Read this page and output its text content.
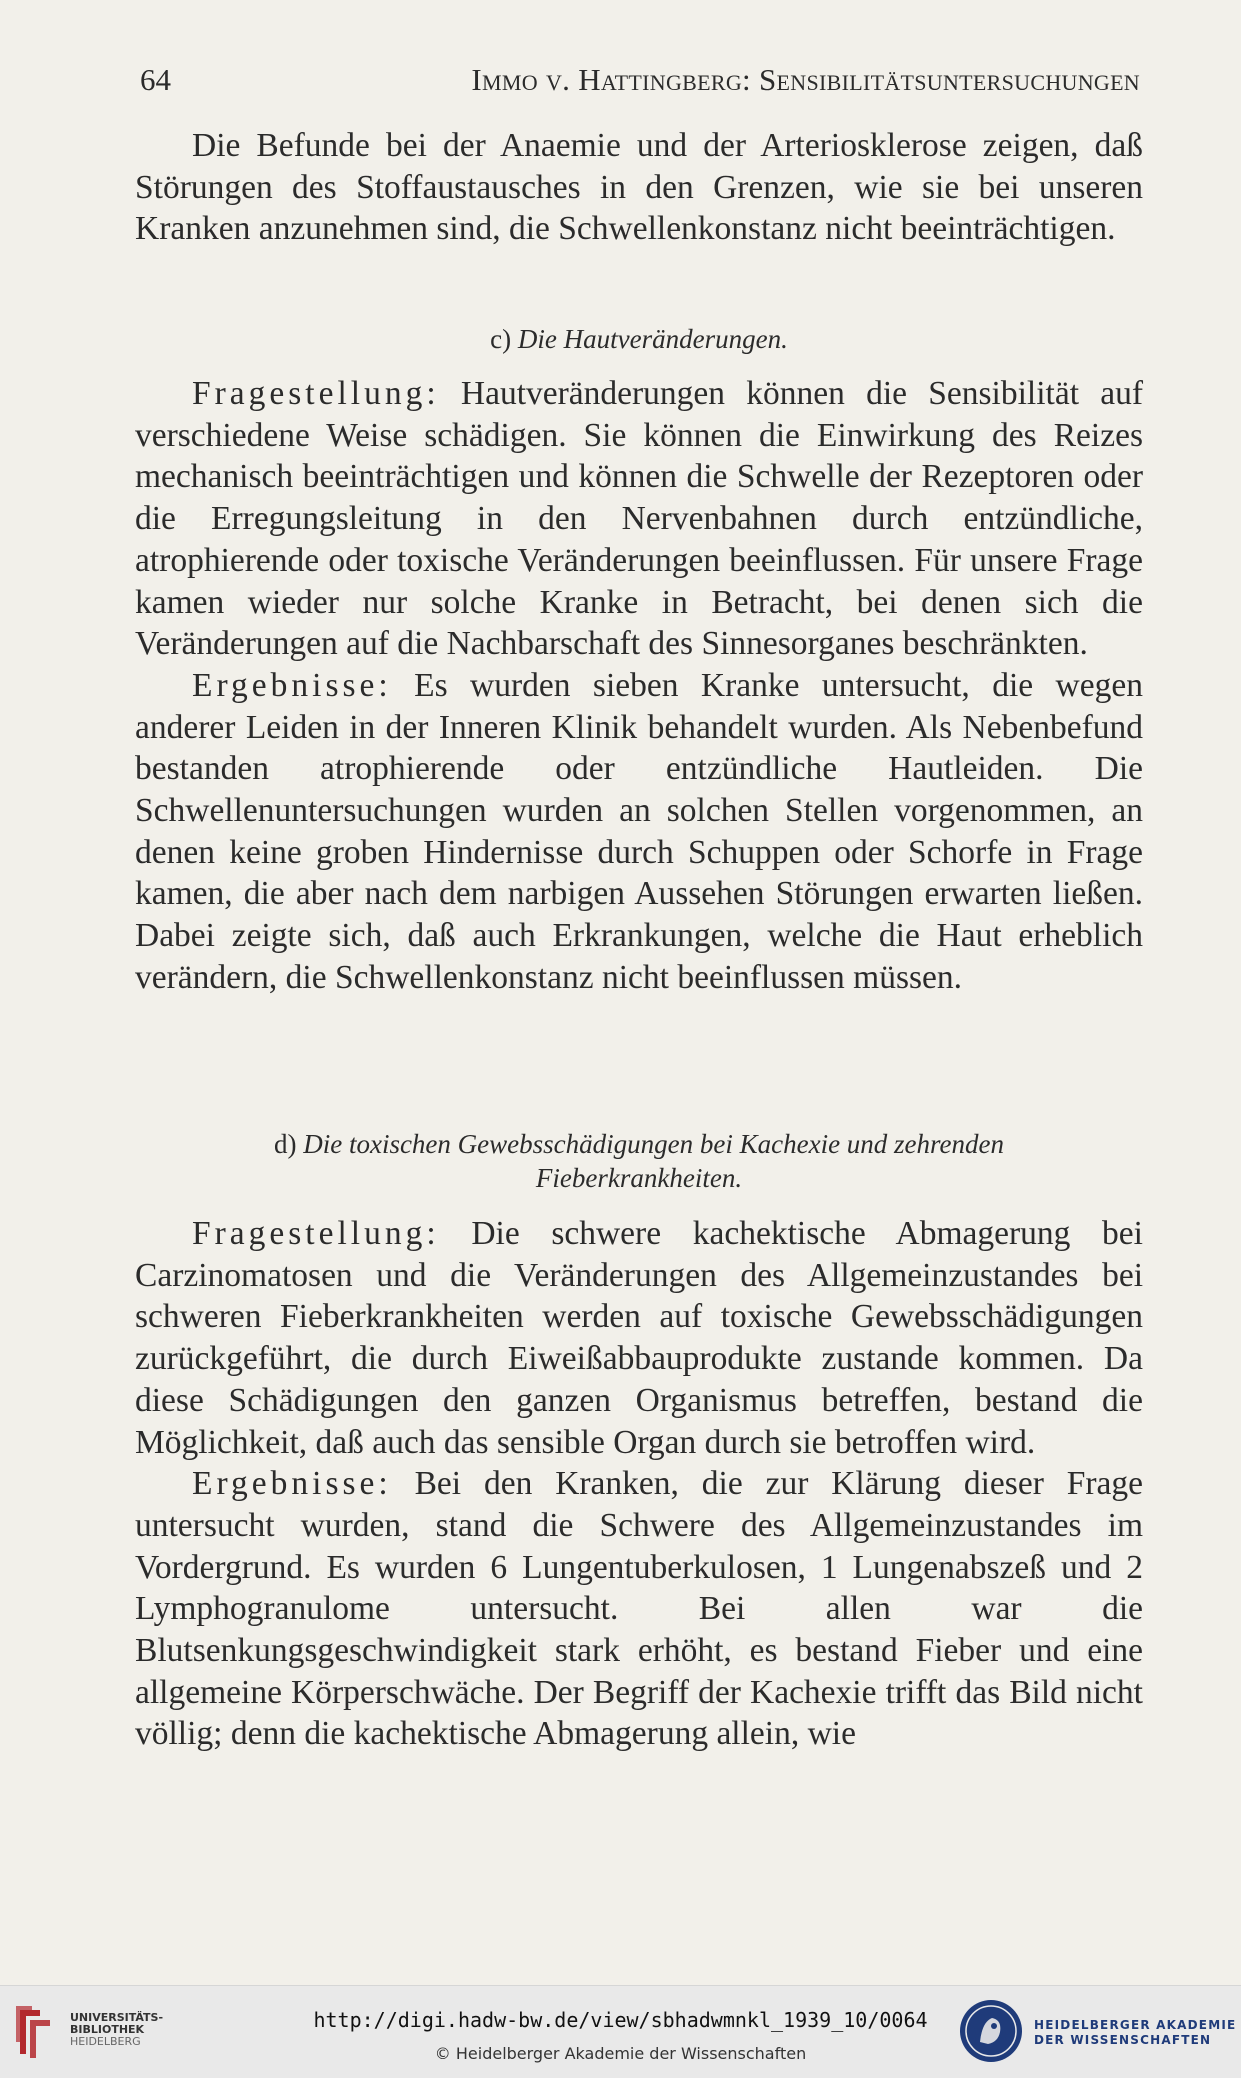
64	Immo v. Hattingberg: Sensibilitätsuntersuchungen

Die Befunde bei der Anaemie und der Arteriosklerose zeigen, daß Störungen des Stoffaustausches in den Grenzen, wie sie bei unseren Kranken anzunehmen sind, die Schwellenkonstanz nicht beeinträchtigen.

c) Die Hautveränderungen.

Fragestellung: Hautveränderungen können die Sensibilität auf verschiedene Weise schädigen. Sie können die Einwirkung des Reizes mechanisch beeinträchtigen und können die Schwelle der Rezeptoren oder die Erregungsleitung in den Nervenbahnen durch entzündliche, atrophierende oder toxische Veränderungen beeinflussen. Für unsere Frage kamen wieder nur solche Kranke in Betracht, bei denen sich die Veränderungen auf die Nachbarschaft des Sinnesorganes beschränkten.

Ergebnisse: Es wurden sieben Kranke untersucht, die wegen anderer Leiden in der Inneren Klinik behandelt wurden. Als Nebenbefund bestanden atrophierende oder entzündliche Hautleiden. Die Schwellenuntersuchungen wurden an solchen Stellen vorgenommen, an denen keine groben Hindernisse durch Schuppen oder Schorfe in Frage kamen, die aber nach dem narbigen Aussehen Störungen erwarten ließen. Dabei zeigte sich, daß auch Erkrankungen, welche die Haut erheblich verändern, die Schwellenkonstanz nicht beeinflussen müssen.

d) Die toxischen Gewebsschädigungen bei Kachexie und zehrenden
Fieberkrankheiten.

Fragestellung: Die schwere kachektische Abmagerung bei Carzinomatosen und die Veränderungen des Allgemeinzustandes bei schweren Fieberkrankheiten werden auf toxische Gewebsschädigungen zurückgeführt, die durch Eiweißabbauprodukte zustande kommen. Da diese Schädigungen den ganzen Organismus betreffen, bestand die Möglichkeit, daß auch das sensible Organ durch sie betroffen wird.

Ergebnisse: Bei den Kranken, die zur Klärung dieser Frage untersucht wurden, stand die Schwere des Allgemeinzustandes im Vordergrund. Es wurden 6 Lungentuberkulosen, 1 Lungenabszeß und 2 Lymphogranulome untersucht. Bei allen war die Blutsenkungsgeschwindigkeit stark erhöht, es bestand Fieber und eine allgemeine Körperschwäche. Der Begriff der Kachexie trifft das Bild nicht völlig; denn die kachektische Abmagerung allein, wie

UNIVERSITÄTS-
BIBLIOTHEK
HEIDELBERG
http://digi.hadw-bw.de/view/sbhadwmnkl_1939_10/0064
© Heidelberger Akademie der Wissenschaften
HEIDELBERGER AKADEMIE
DER WISSENSCHAFTEN
